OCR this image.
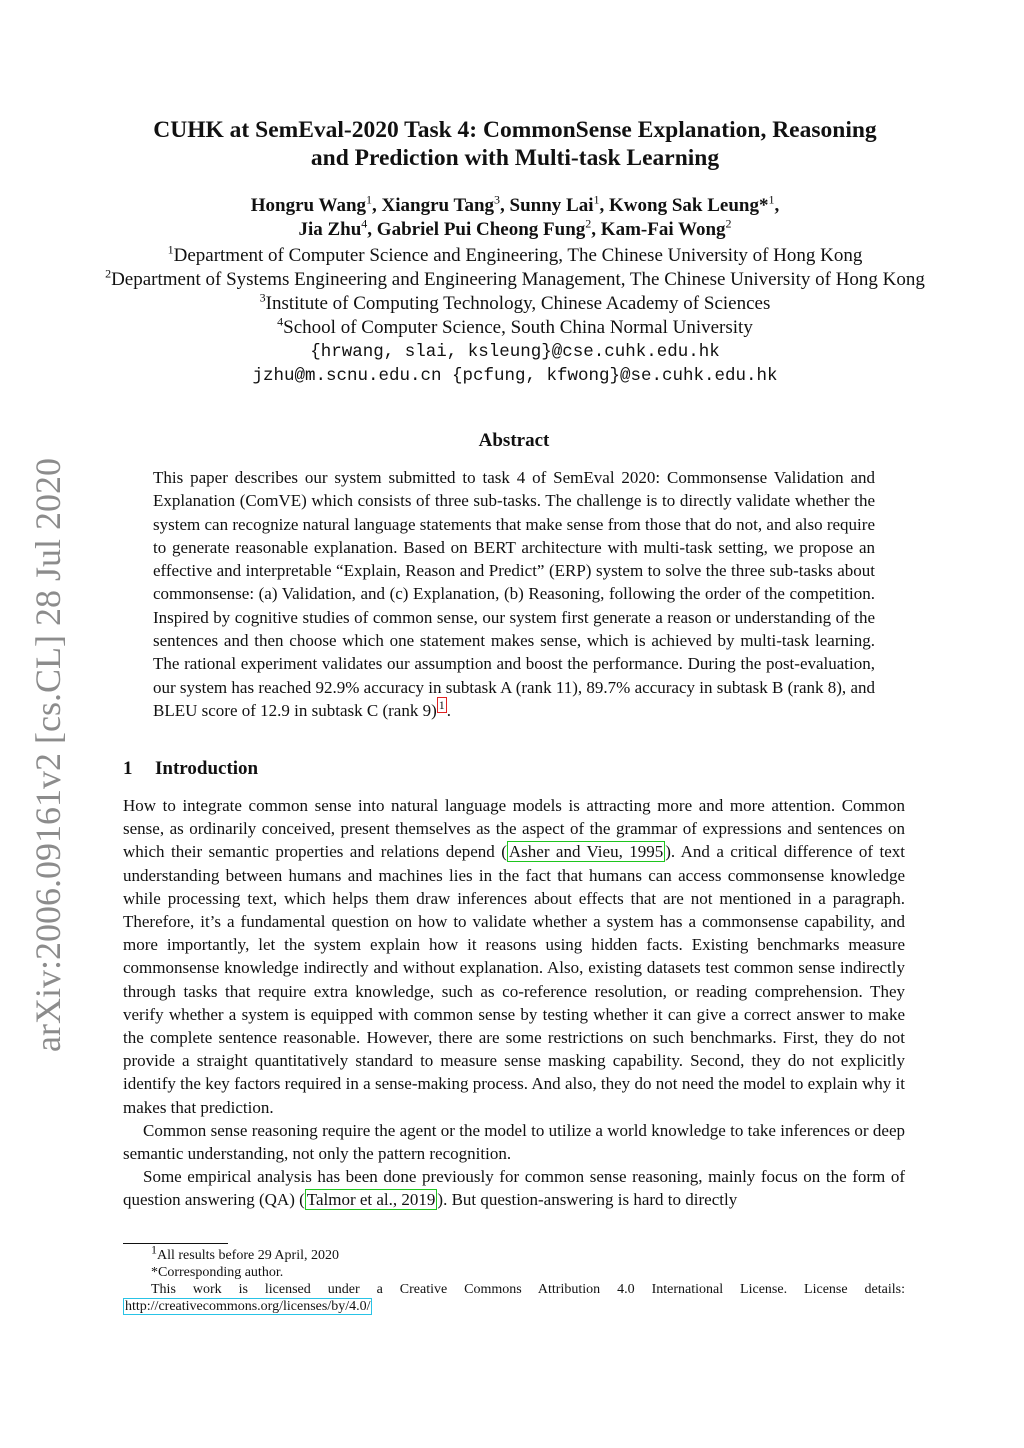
arXiv:2006.09161v2 [cs.CL] 28 Jul 2020
CUHK at SemEval-2020 Task 4: CommonSense Explanation, Reasoning
and Prediction with Multi-task Learning
Hongru Wang$^1$, Xiangru Tang$^3$, Sunny Lai$^1$, Kwong Sak Leung*$^1$,
Jia Zhu$^4$, Gabriel Pui Cheong Fung$^2$, Kam-Fai Wong$^2$
$^1$Department of Computer Science and Engineering, The Chinese University of Hong Kong
$^2$Department of Systems Engineering and Engineering Management, The Chinese University of Hong Kong
$^3$Institute of Computing Technology, Chinese Academy of Sciences
$^4$School of Computer Science, South China Normal University
{hrwang, slai, ksleung}@cse.cuhk.edu.hk
jzhu@m.scnu.edu.cn {pcfung, kfwong}@se.cuhk.edu.hk
Abstract

This paper describes our system submitted to task 4 of SemEval 2020: Commonsense Validation and Explanation (ComVE) which consists of three sub-tasks. The challenge is to directly validate whether the system can recognize natural language statements that make sense from those that do not, and also require to generate reasonable explanation. Based on BERT architecture with multi-task setting, we propose an effective and interpretable “Explain, Reason and Predict” (ERP) system to solve the three sub-tasks about commonsense: (a) Validation, and (c) Explanation, (b) Reasoning, following the order of the competition. Inspired by cognitive studies of common sense, our system first generate a reason or understanding of the sentences and then choose which one statement makes sense, which is achieved by multi-task learning. The rational experiment validates our assumption and boost the performance. During the post-evaluation, our system has reached 92.9% accuracy in subtask A (rank 11), 89.7% accuracy in subtask B (rank 8), and BLEU score of 12.9 in subtask C (rank 9) $^1$ .

1 Introduction

How to integrate common sense into natural language models is attracting more and more attention. Common sense, as ordinarily conceived, present themselves as the aspect of the grammar of expressions and sentences on which their semantic properties and relations depend ( Asher and Vieu, 1995 ). And a critical difference of text understanding between humans and machines lies in the fact that humans can access commonsense knowledge while processing text, which helps them draw inferences about effects that are not mentioned in a paragraph. Therefore, it’s a fundamental question on how to validate whether a system has a commonsense capability, and more importantly, let the system explain how it reasons using hidden facts. Existing benchmarks measure commonsense knowledge indirectly and without explanation. Also, existing datasets test common sense indirectly through tasks that require extra knowledge, such as co-reference resolution, or reading comprehension. They verify whether a system is equipped with common sense by testing whether it can give a correct answer to make the complete sentence reasonable. However, there are some restrictions on such benchmarks. First, they do not provide a straight quantitatively standard to measure sense masking capability. Second, they do not explicitly identify the key factors required in a sense-making process. And also, they do not need the model to explain why it makes that prediction.

Common sense reasoning require the agent or the model to utilize a world knowledge to take inferences or deep semantic understanding, not only the pattern recognition.

Some empirical analysis has been done previously for common sense reasoning, mainly focus on the form of question answering (QA) ( Talmor et al., 2019 ). But question-answering is hard to directly

$^1$All results before 29 April, 2020

*Corresponding author.

This work is licensed under a Creative Commons Attribution 4.0 International License. License details:

http://creativecommons.org/licenses/by/4.0/
